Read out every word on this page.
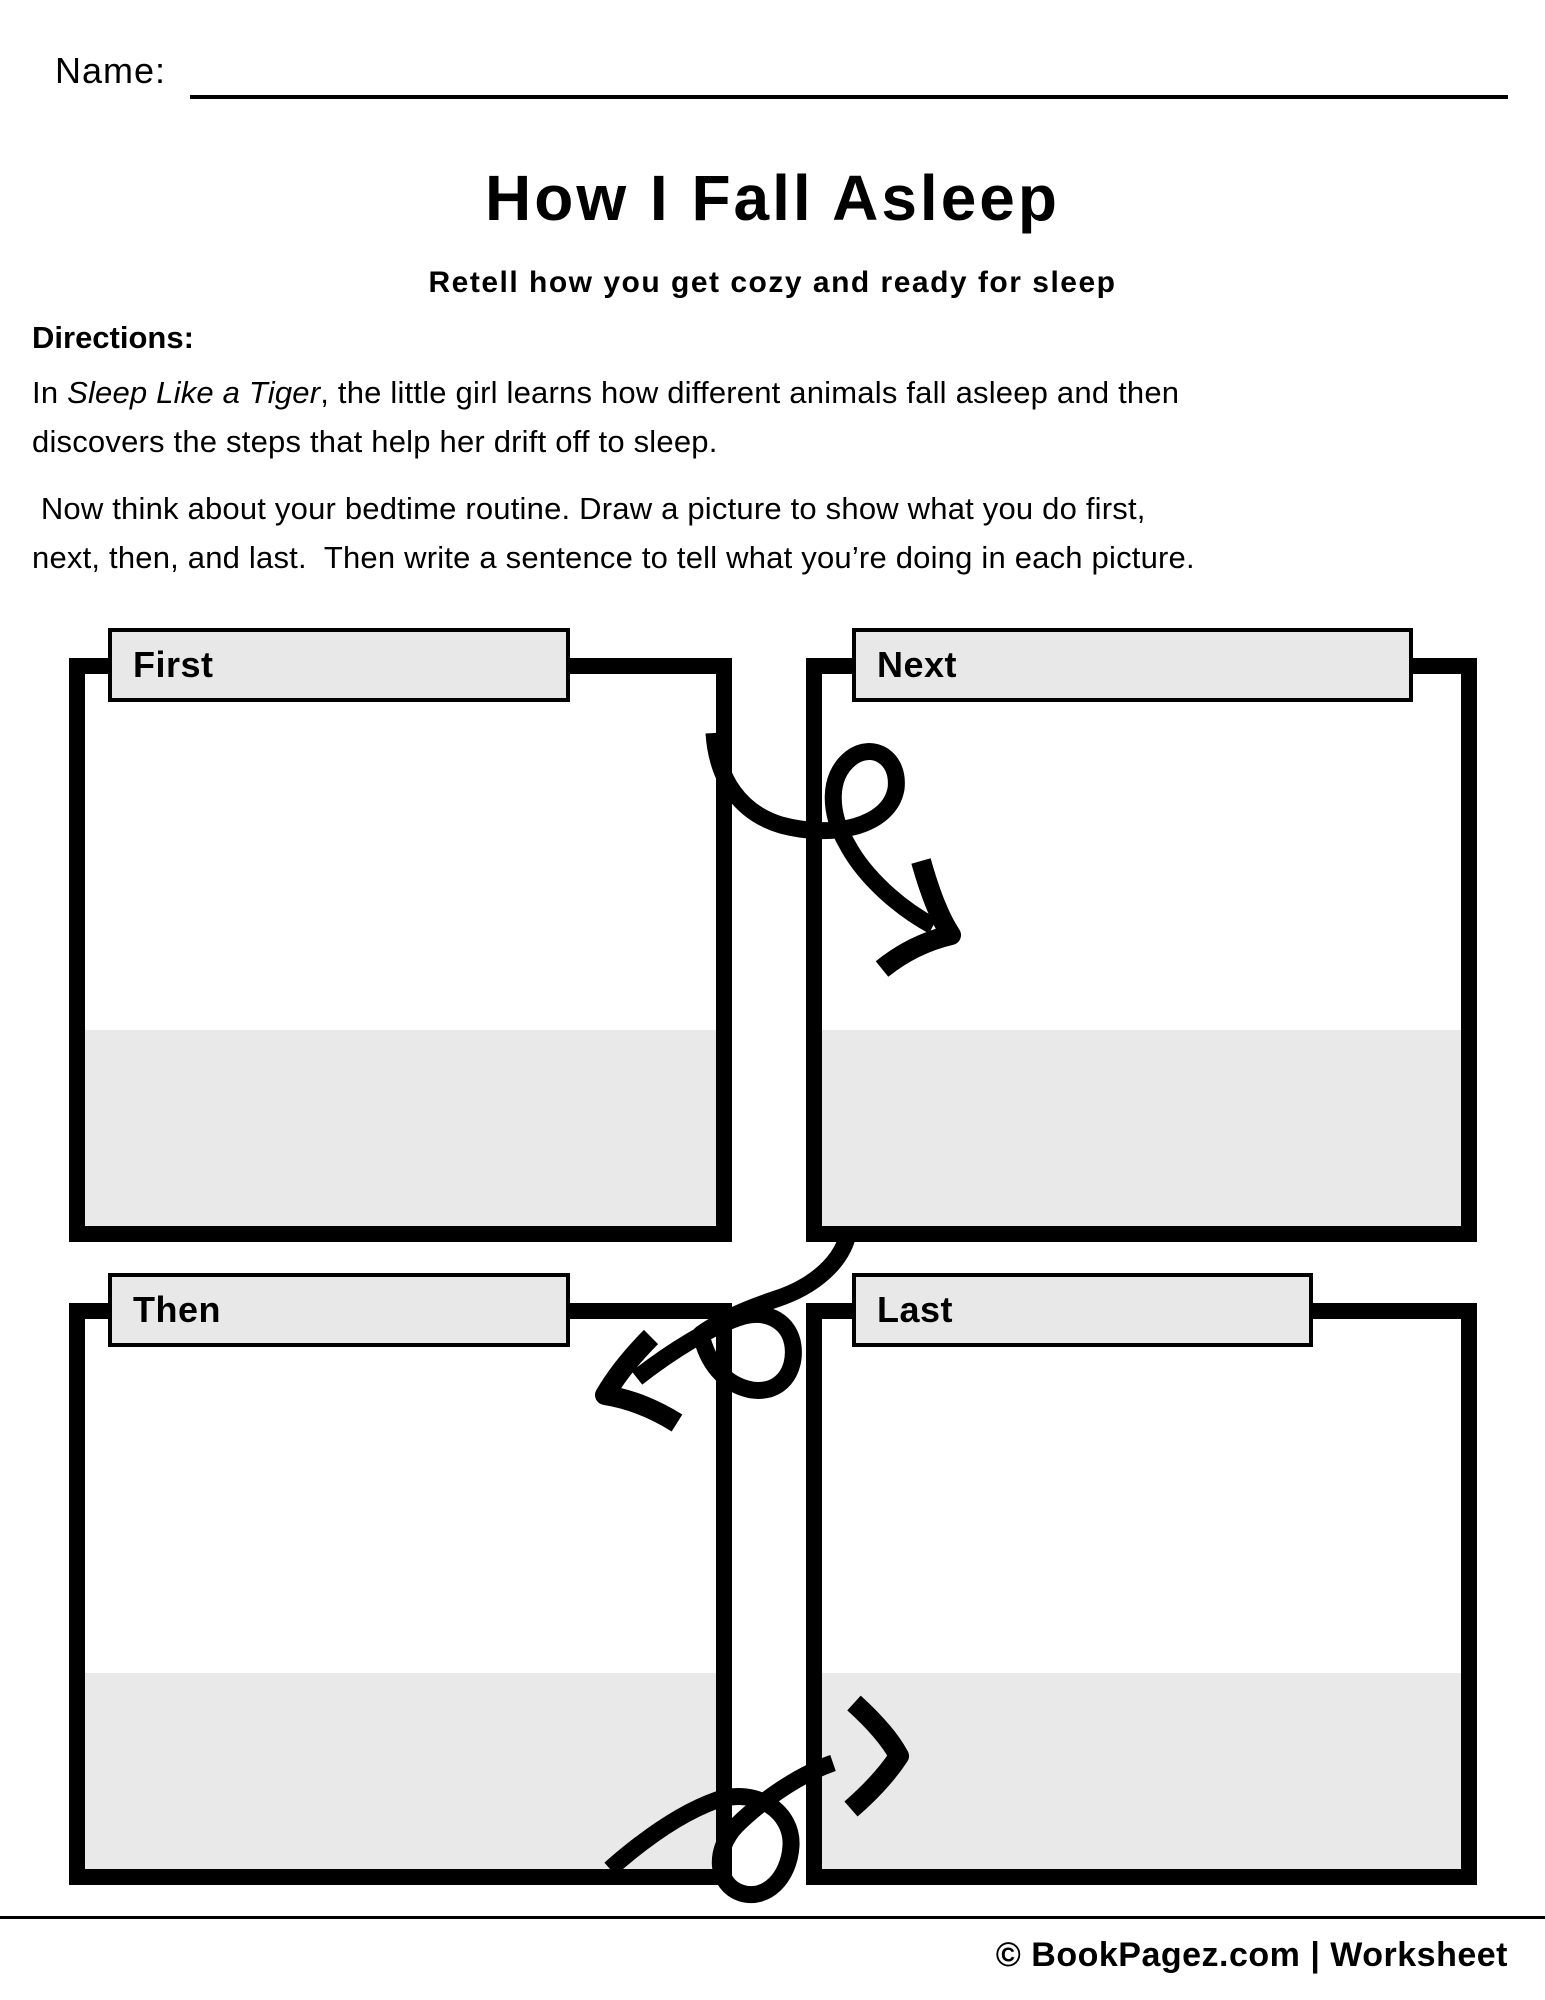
Name:
How I Fall Asleep
Retell how you get cozy and ready for sleep
Directions:
In Sleep Like a Tiger, the little girl learns how different animals fall asleep and then
discovers the steps that help her drift off to sleep.
Now think about your bedtime routine. Draw a picture to show what you do first,
next, then, and last.  Then write a sentence to tell what you’re doing in each picture.
First	Next
Then	Last
© BookPagez.com | Worksheet
